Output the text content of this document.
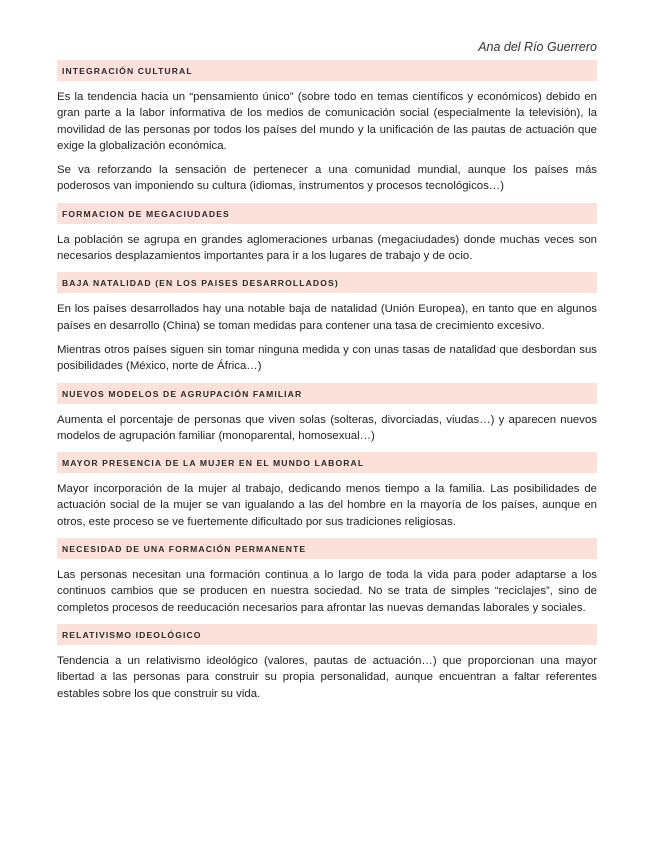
Ana del Río Guerrero
INTEGRACIÓN CULTURAL

Es la tendencia hacia un “pensamiento único” (sobre todo en temas científicos y económicos) debido en gran parte a la labor informativa de los medios de comunicación social (especialmente la televisión), la movilidad de las personas por todos los países del mundo y la unificación de las pautas de actuación que exige la globalización económica.

Se va reforzando la sensación de pertenecer a una comunidad mundial, aunque los países más poderosos van imponiendo su cultura (idiomas, instrumentos y procesos tecnológicos…)

FORMACION DE MEGACIUDADES

La población se agrupa en grandes aglomeraciones urbanas (megaciudades) donde muchas veces son necesarios desplazamientos importantes para ir a los lugares de trabajo y de ocio.

BAJA NATALIDAD (EN LOS PAISES DESARROLLADOS)

En los países desarrollados hay una notable baja de natalidad (Unión Europea), en tanto que en algunos países en desarrollo (China) se toman medidas para contener una tasa de crecimiento excesivo.

Mientras otros países siguen sin tomar ninguna medida y con unas tasas de natalidad que desbordan sus posibilidades (México, norte de África…)

NUEVOS MODELOS DE AGRUPACIÓN FAMILIAR

Aumenta el porcentaje de personas que viven solas (solteras, divorciadas, viudas…) y aparecen nuevos modelos de agrupación familiar (monoparental, homosexual…)

MAYOR PRESENCIA DE LA MUJER EN EL MUNDO LABORAL

Mayor incorporación de la mujer al trabajo, dedicando menos tiempo a la familia. Las posibilidades de actuación social de la mujer se van igualando a las del hombre en la mayoría de los países, aunque en otros, este proceso se ve fuertemente dificultado por sus tradiciones religiosas.

NECESIDAD DE UNA FORMACIÓN PERMANENTE

Las personas necesitan una formación continua a lo largo de toda la vida para poder adaptarse a los continuos cambios que se producen en nuestra sociedad. No se trata de simples “reciclajes”, sino de completos procesos de reeducación necesarios para afrontar las nuevas demandas laborales y sociales.

RELATIVISMO IDEOLÓGICO

Tendencia a un relativismo ideológico (valores, pautas de actuación…) que proporcionan una mayor libertad a las personas para construir su propia personalidad, aunque encuentran a faltar referentes estables sobre los que construir su vida.
